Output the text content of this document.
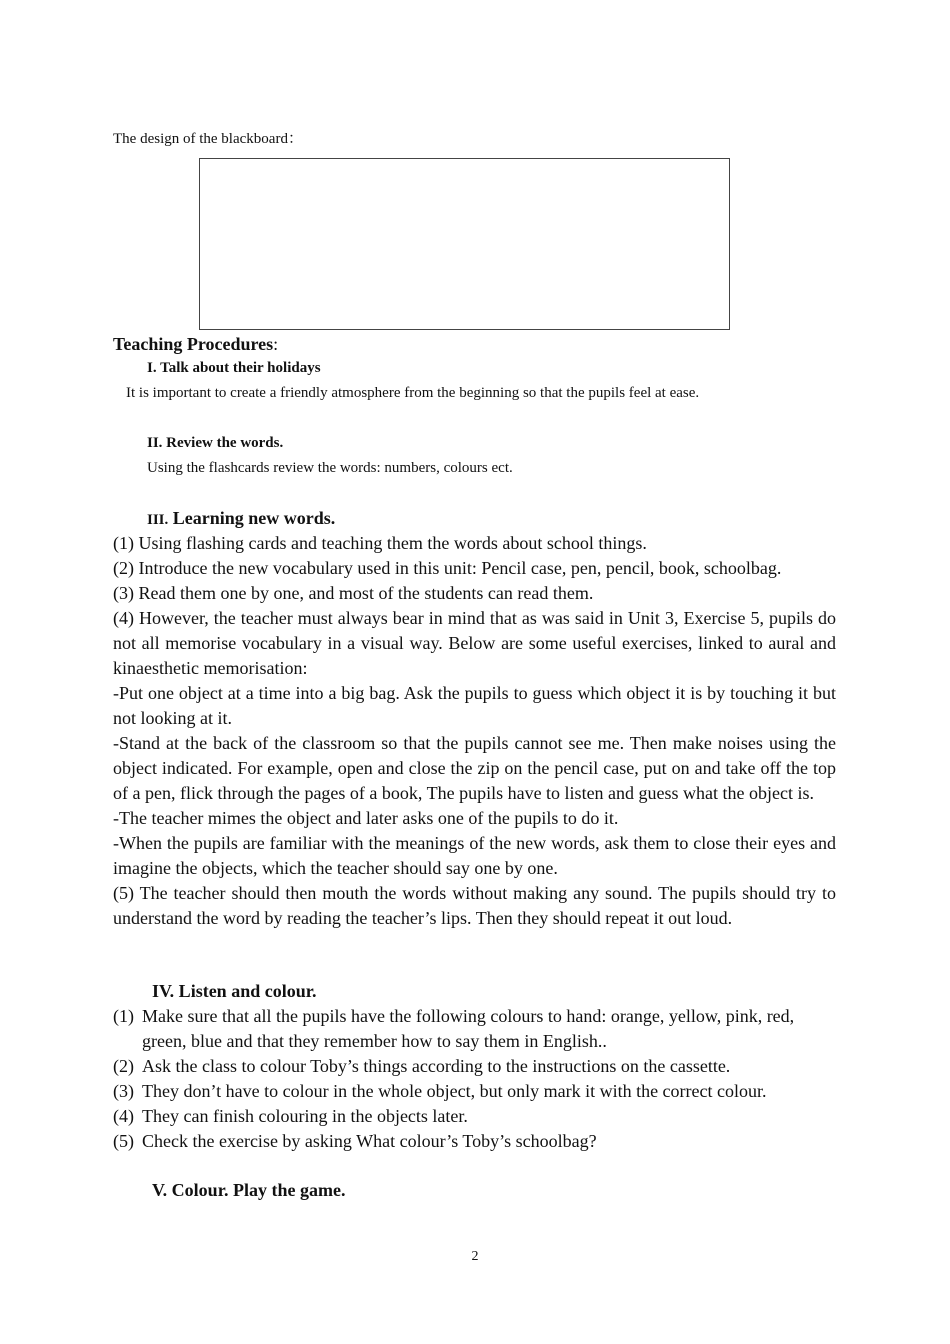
The design of the blackboard：
Teaching Procedures:
I. Talk about their holidays
It is important to create a friendly atmosphere from the beginning so that the pupils feel at ease.
II. Review the words.
Using the flashcards review the words: numbers, colours ect.
III. Learning new words.

(1) Using flashing cards and teaching them the words about school things.

(2) Introduce the new vocabulary used in this unit: Pencil case, pen, pencil, book, schoolbag.

(3) Read them one by one, and most of the students can read them.

(4) However, the teacher must always bear in mind that as was said in Unit 3, Exercise 5, pupils do not all memorise vocabulary in a visual way. Below are some useful exercises, linked to aural and kinaesthetic memorisation:

-Put one object at a time into a big bag. Ask the pupils to guess which object it is by touching it but not looking at it.

-Stand at the back of the classroom so that the pupils cannot see me. Then make noises using the object indicated. For example, open and close the zip on the pencil case, put on and take off the top of a pen, flick through the pages of a book, The pupils have to listen and guess what the object is.

-The teacher mimes the object and later asks one of the pupils to do it.

-When the pupils are familiar with the meanings of the new words, ask them to close their eyes and imagine the objects, which the teacher should say one by one.

(5) The teacher should then mouth the words without making any sound. The pupils should try to understand the word by reading the teacher’s lips. Then they should repeat it out loud.

IV. Listen and colour.
(1) Make sure that all the pupils have the following colours to hand: orange, yellow, pink, red, green, blue and that they remember how to say them in English..
(2) Ask the class to colour Toby’s things according to the instructions on the cassette.
(3) They don’t have to colour in the whole object, but only mark it with the correct colour.
(4) They can finish colouring in the objects later.
(5) Check the exercise by asking What colour’s Toby’s schoolbag?
V. Colour. Play the game.
2
